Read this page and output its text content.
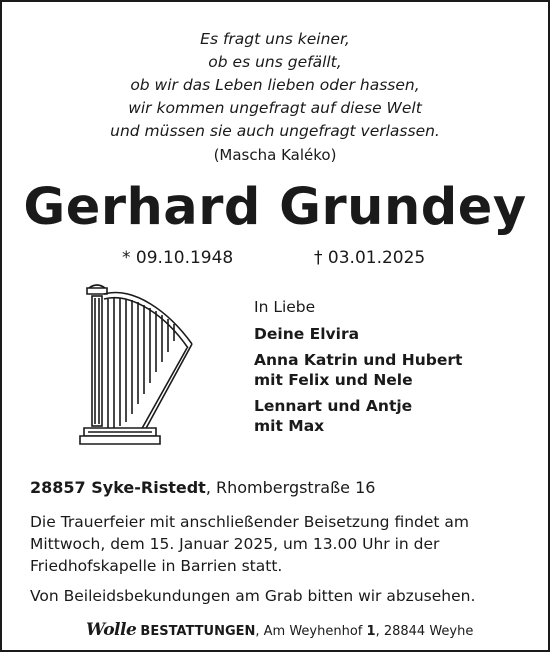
Es fragt uns keiner,
ob es uns gefällt,
ob wir das Leben lieben oder hassen,
wir kommen ungefragt auf diese Welt
und müssen sie auch ungefragt verlassen.
(Mascha Kaléko)
Gerhard Grundey
* 09.10.1948	† 03.01.2025
In Liebe
Deine Elvira
Anna Katrin und Hubert
mit Felix und Nele
Lennart und Antje
mit Max
28857 Syke-Ristedt, Rhombergstraße 16
Die Trauerfeier mit anschließender Beisetzung findet am
Mittwoch, dem 15. Januar 2025, um 13.00 Uhr in der
Friedhofskapelle in Barrien statt.
Von Beileidsbekundungen am Grab bitten wir abzusehen.
Wolle BESTATTUNGEN, Am Weyhenhof 1, 28844 Weyhe
